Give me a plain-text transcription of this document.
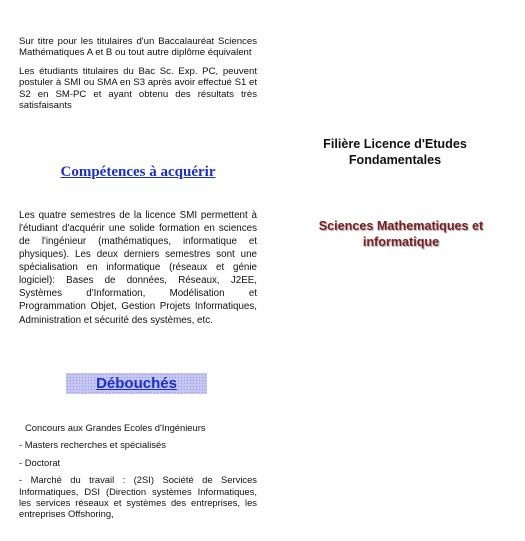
Sur titre pour les titulaires d'un Baccalauréat Sciences Mathématiques A et B ou tout autre diplôme équivalent

Les étudiants titulaires du Bac Sc. Exp. PC, peuvent postuler à SMI ou SMA en S3 après avoir effectué S1 et S2 en SM-PC et ayant obtenu des résultats très satisfaisants

Compétences à acquérir

Les quatre semestres de la licence SMI permettent à l'étudiant d'acquérir une solide formation en sciences de l'ingénieur (mathématiques, informatique et physiques). Les deux derniers semestres sont une spécialisation en informatique (réseaux et génie logiciel): Bases de données, Réseaux, J2EE, Systèmes d'Information, Modélisation et Programmation Objet, Gestion Projets Informatiques, Administration et sécurité des systèmes, etc.

Débouchés
Concours aux Grandes Ecoles d'Ingénieurs
- Masters recherches et spécialisés
- Doctorat
- Marché du travail : (2SI) Société de Services Informatiques, DSI (Direction systèmes Informatiques, les services réseaux et systèmes des entreprises, les entreprises Offshoring,
Filière Licence d'Etudes Fondamentales
Sciences Mathematiques et informatique
